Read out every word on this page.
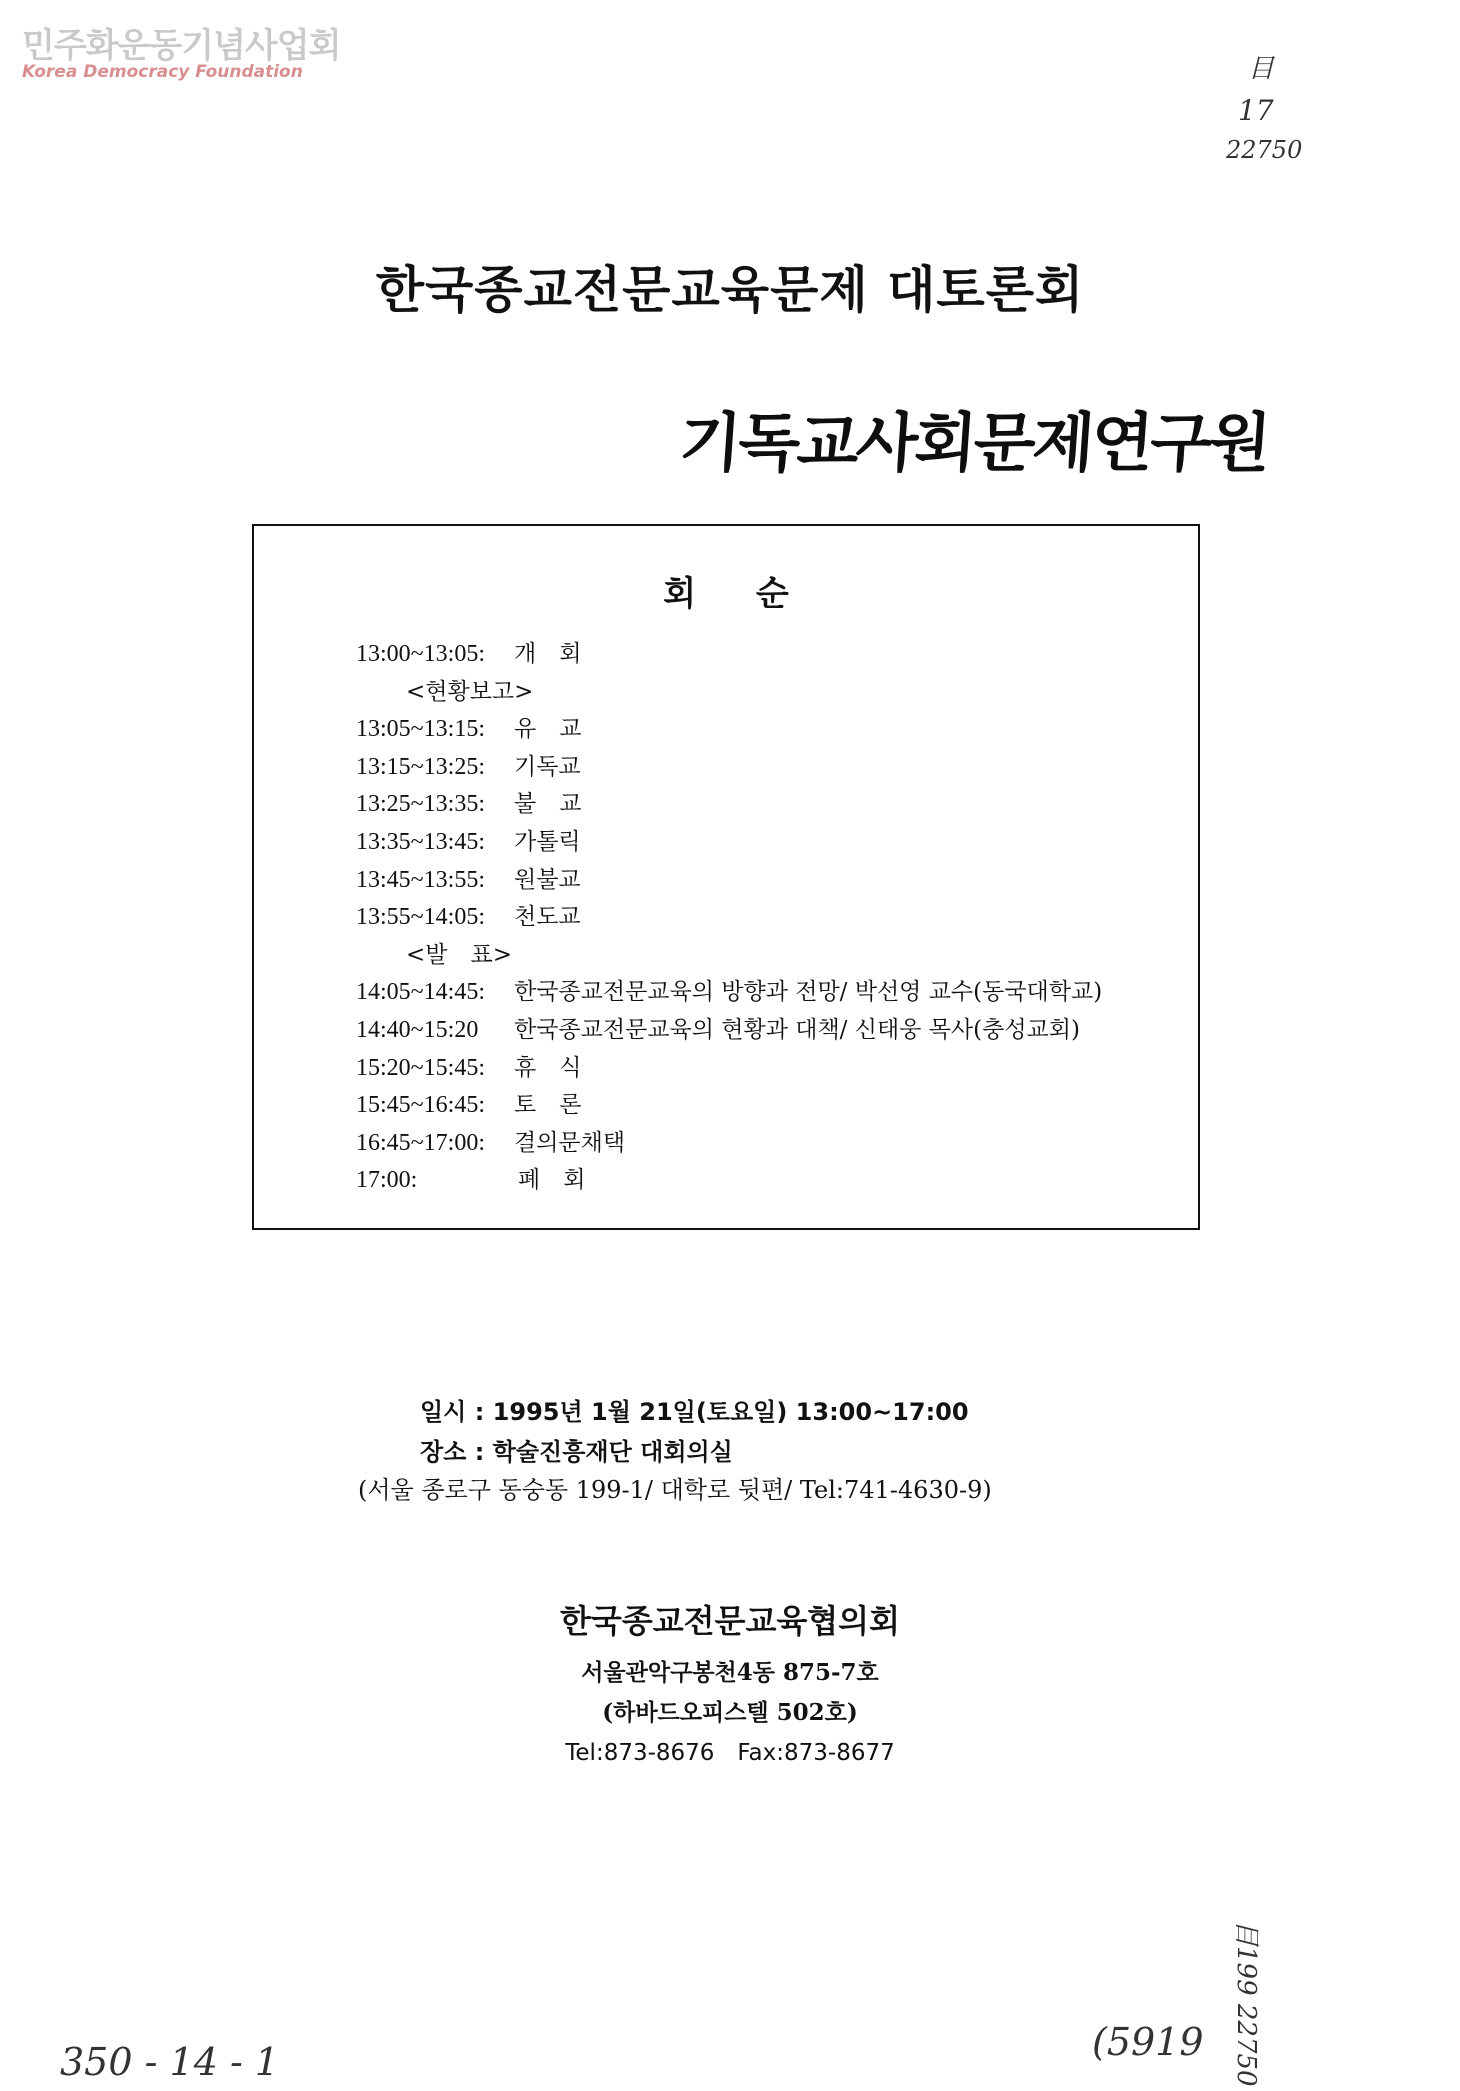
민주화운동기념사업회
Korea Democracy Foundation	目
17
22750
目199 22750
350 - 14 - 1	(5919
한국종교전문교육문제 대토론회
기독교사회문제연구원
회 순
13:00~13:05: 개　회
<현황보고>
13:05~13:15: 유　교
13:15~13:25: 기독교
13:25~13:35: 불　교
13:35~13:45: 가톨릭
13:45~13:55: 원불교
13:55~14:05: 천도교
<발　표>
14:05~14:45: 한국종교전문교육의 방향과 전망/ 박선영 교수(동국대학교)
14:40~15:20 한국종교전문교육의 현황과 대책/ 신태웅 목사(충성교회)
15:20~15:45: 휴　식
15:45~16:45: 토　론
16:45~17:00: 결의문채택
17:00:	폐　회
일시 : 1995년 1월 21일(토요일) 13:00~17:00
장소 : 학술진흥재단 대회의실
(서울 종로구 동숭동 199-1/ 대학로 뒷편/ Tel:741-4630-9)
한국종교전문교육협의회
서울관악구봉천4동 875-7호
(하바드오피스텔 502호)
Tel:873-8676　Fax:873-8677
